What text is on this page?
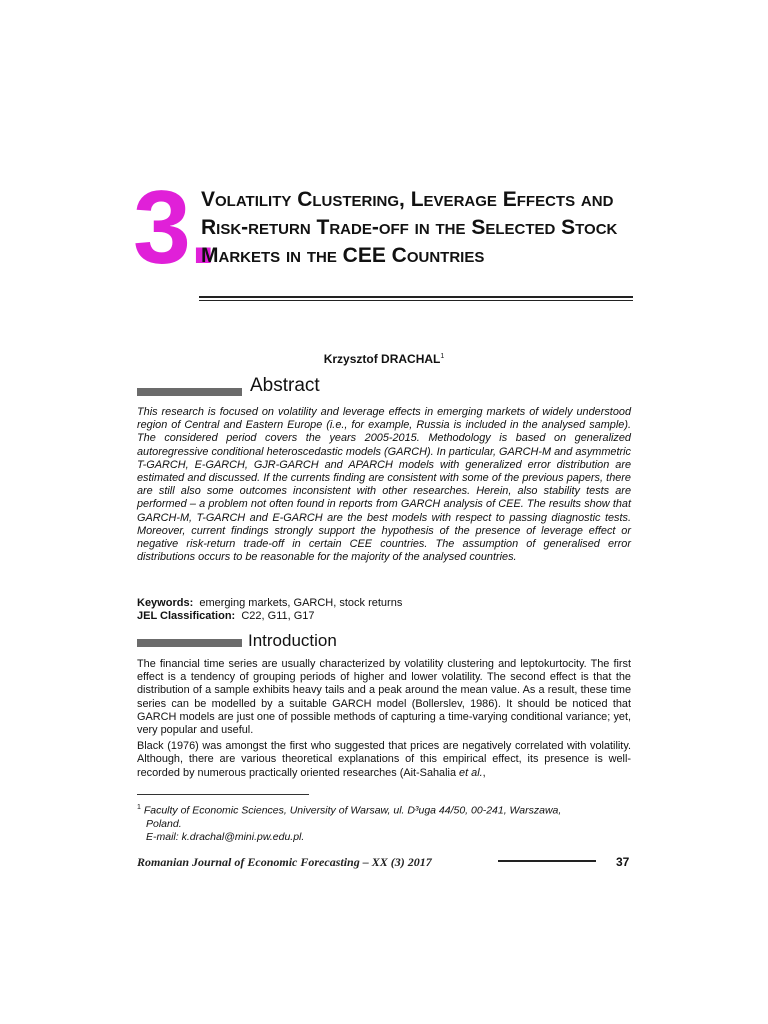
3.
Volatility Clustering, Leverage Effects and Risk-return Trade-off in the Selected Stock Markets in the CEE Countries
Krzysztof DRACHAL$^1$
Abstract

This research is focused on volatility and leverage effects in emerging markets of widely understood region of Central and Eastern Europe (i.e., for example, Russia is included in the analysed sample). The considered period covers the years 2005-2015. Methodology is based on generalized autoregressive conditional heteroscedastic models (GARCH). In particular, GARCH-M and asymmetric T-GARCH, E-GARCH, GJR-GARCH and APARCH models with generalized error distribution are estimated and discussed. If the currents finding are consistent with some of the previous papers, there are still also some outcomes inconsistent with other researches. Herein, also stability tests are performed – a problem not often found in reports from GARCH analysis of CEE. The results show that GARCH-M, T-GARCH and E-GARCH are the best models with respect to passing diagnostic tests. Moreover, current findings strongly support the hypothesis of the presence of leverage effect or negative risk-return trade-off in certain CEE countries. The assumption of generalised error distributions occurs to be reasonable for the majority of the analysed countries.

Keywords: emerging markets, GARCH, stock returns
JEL Classification: C22, G11, G17
Introduction

The financial time series are usually characterized by volatility clustering and leptokurtocity. The first effect is a tendency of grouping periods of higher and lower volatility. The second effect is that the distribution of a sample exhibits heavy tails and a peak around the mean value. As a result, these time series can be modelled by a suitable GARCH model (Bollerslev, 1986). It should be noticed that GARCH models are just one of possible methods of capturing a time-varying conditional variance; yet, very popular and useful.

Black (1976) was amongst the first who suggested that prices are negatively correlated with volatility. Although, there are various theoretical explanations of this empirical effect, its presence is well-recorded by numerous practically oriented researches (Ait-Sahalia et al.,

$^1$ Faculty of Economic Sciences, University of Warsaw, ul. D³uga 44/50, 00-241, Warszawa,
Poland.
E-mail: k.drachal@mini.pw.edu.pl.
Romanian Journal of Economic Forecasting – XX (3) 2017	37
